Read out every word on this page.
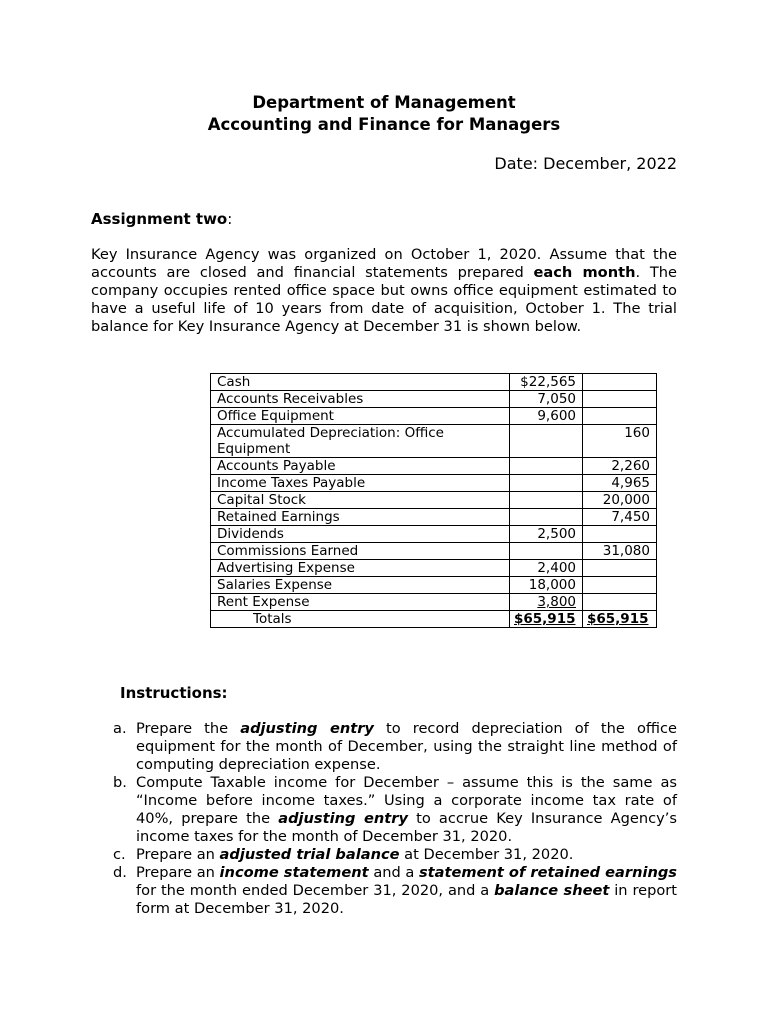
Department of Management
Accounting and Finance for Managers
Date: December, 2022
Assignment two:

Key Insurance Agency was organized on October 1, 2020. Assume that the accounts are closed and financial statements prepared each month. The company occupies rented office space but owns office equipment estimated to have a useful life of 10 years from date of acquisition, October 1. The trial balance for Key Insurance Agency at December 31 is shown below.

Cash	$22,565	
Accounts Receivables	7,050	
Office Equipment	9,600	
Accumulated Depreciation: Office Equipment		160
Accounts Payable		2,260
Income Taxes Payable		4,965
Capital Stock		20,000
Retained Earnings		7,450
Dividends	2,500	
Commissions Earned		31,080
Advertising Expense	2,400	
Salaries Expense	18,000	
Rent Expense	3,800	
Totals	$65,915	$65,915
Instructions:
a. Prepare the adjusting entry to record depreciation of the office equipment for the month of December, using the straight line method of computing depreciation expense.
b. Compute Taxable income for December – assume this is the same as “Income before income taxes.” Using a corporate income tax rate of 40%, prepare the adjusting entry to accrue Key Insurance Agency’s income taxes for the month of December 31, 2020.
c. Prepare an adjusted trial balance at December 31, 2020.
d. Prepare an income statement and a statement of retained earnings for the month ended December 31, 2020, and a balance sheet in report form at December 31, 2020.
